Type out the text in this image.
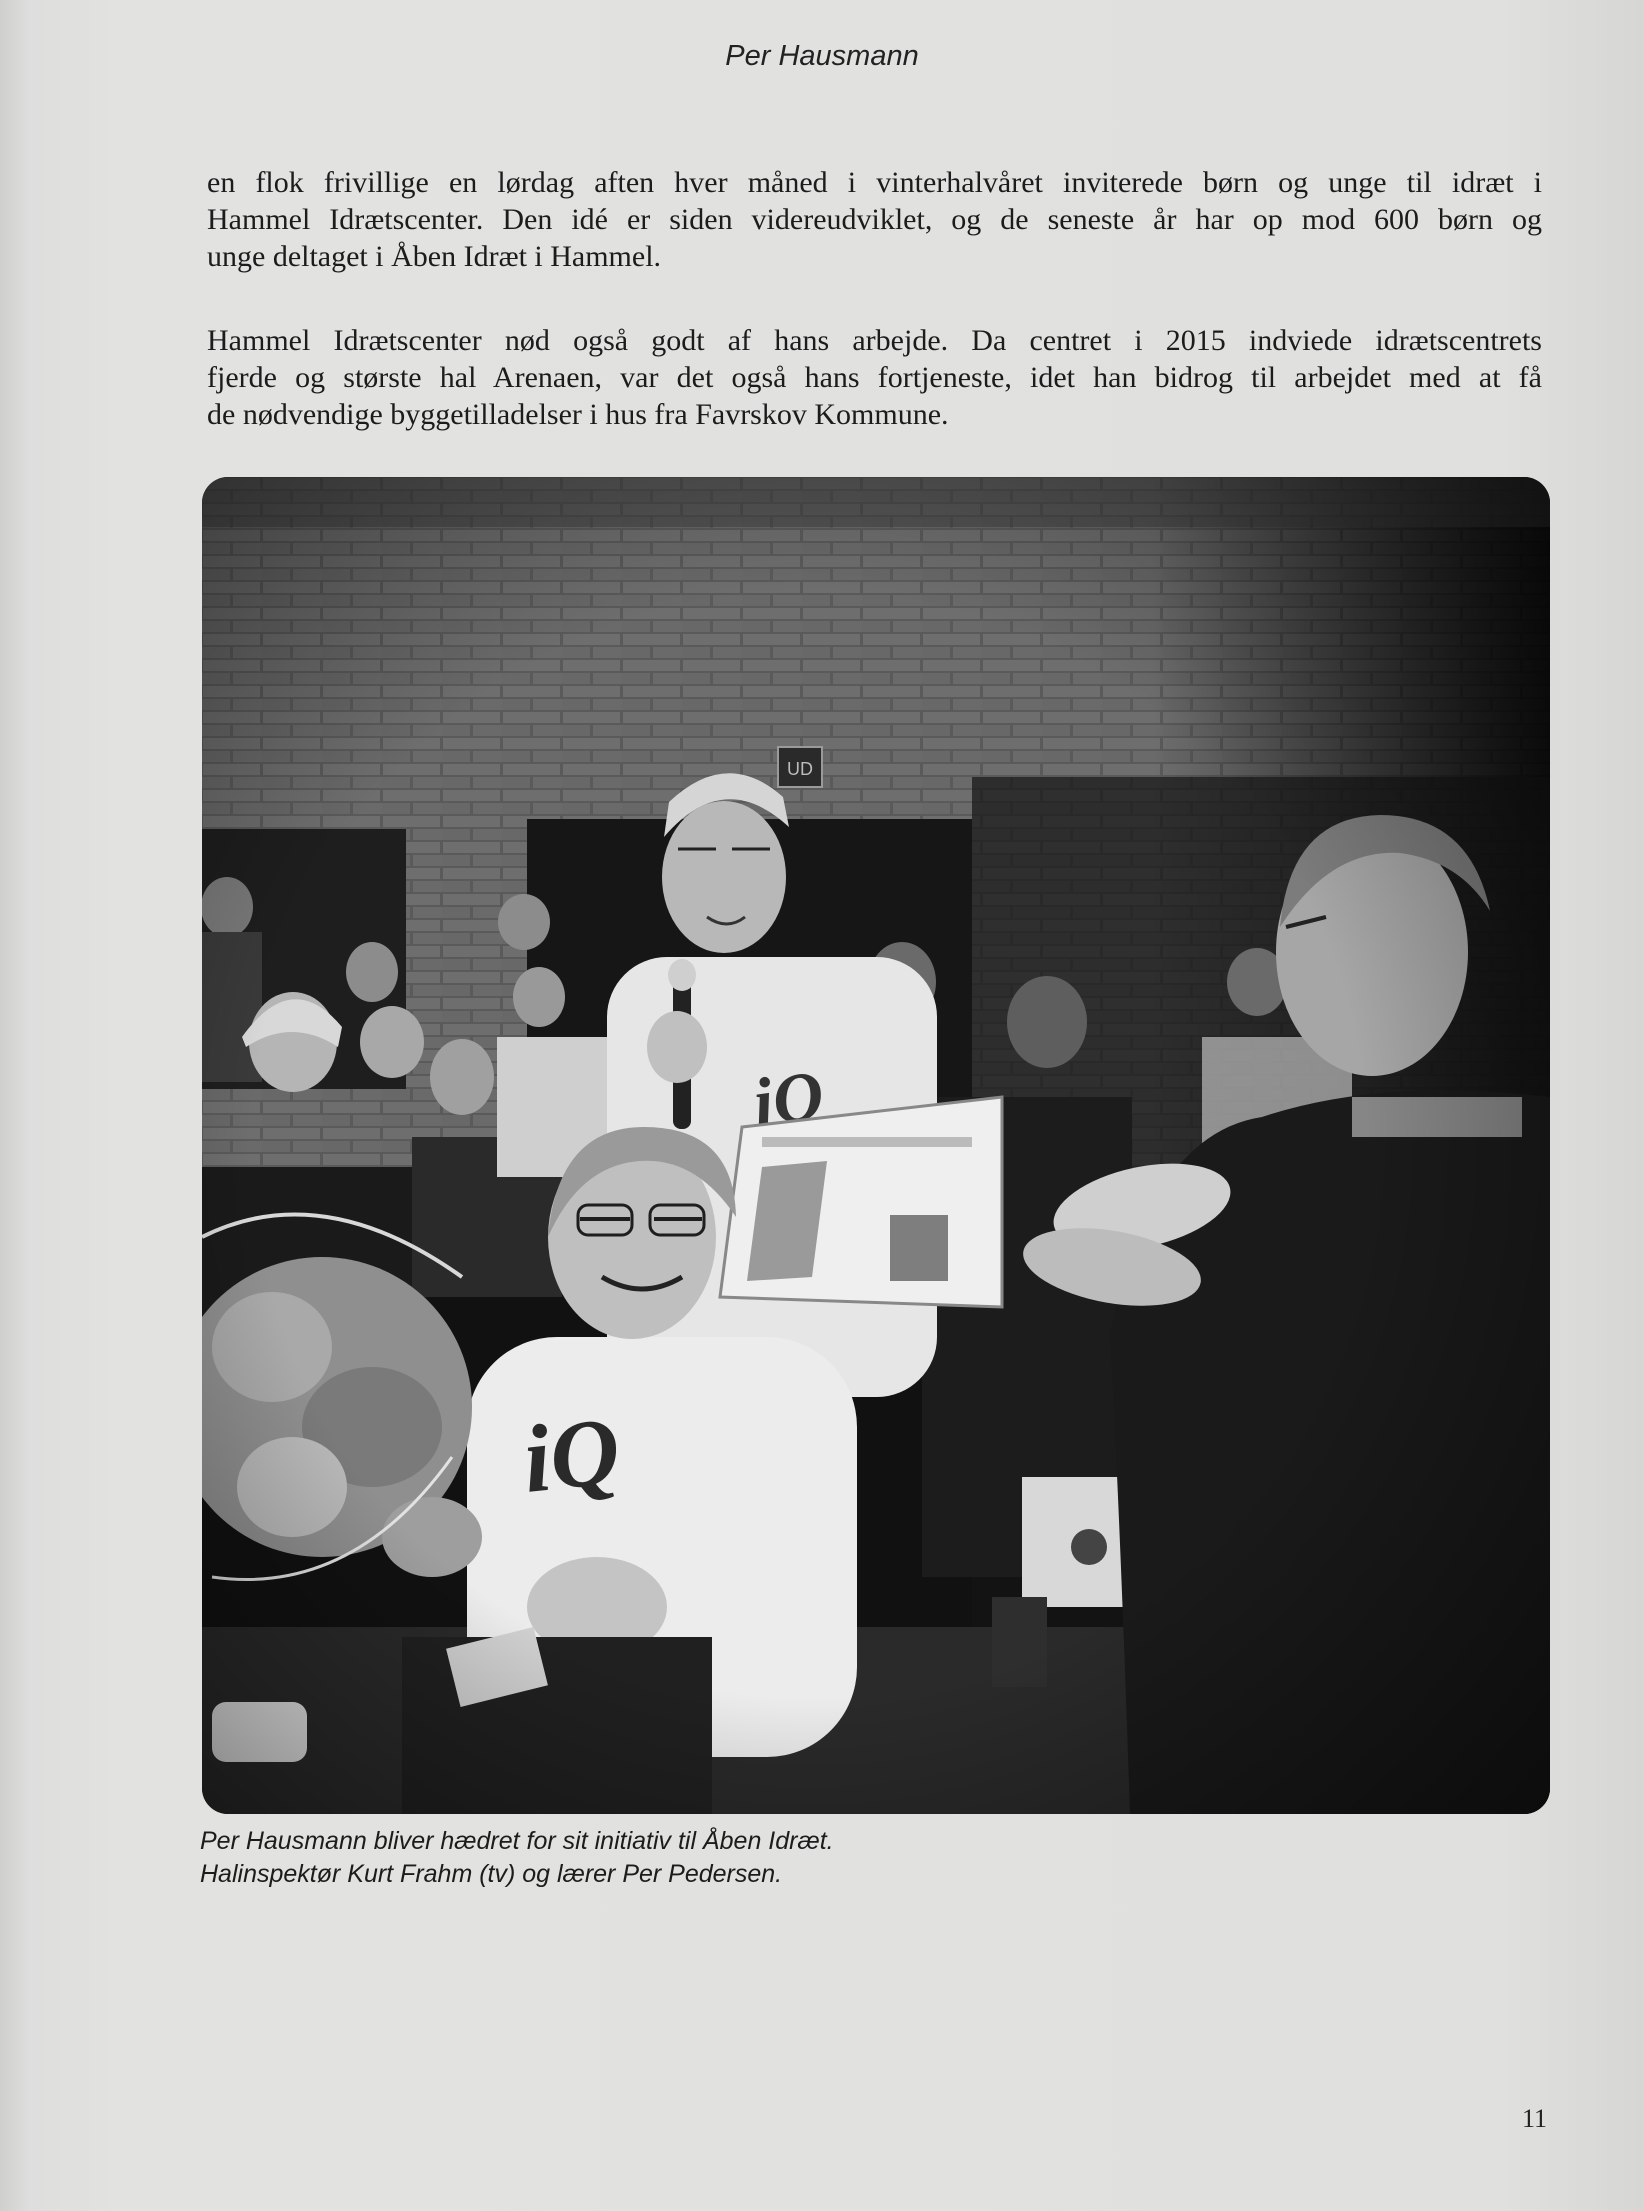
Per Hausmann

en flok frivillige en lørdag aften hver måned i vinterhalvåret inviterede børn og unge til idræt i
Hammel Idrætscenter. Den idé er siden videreudviklet, og de seneste år har op mod 600 børn og
unge deltaget i Åben Idræt i Hammel.

Hammel Idrætscenter nød også godt af hans arbejde. Da centret i 2015 indviede idrætscentrets
fjerde og største hal Arenaen, var det også hans fortjeneste, idet han bidrog til arbejdet med at få
de nødvendige byggetilladelser i hus fra Favrskov Kommune.

Per Hausmann bliver hædret for sit initiativ til Åben Idræt.
Halinspektør Kurt Frahm (tv) og lærer Per Pedersen.
11
